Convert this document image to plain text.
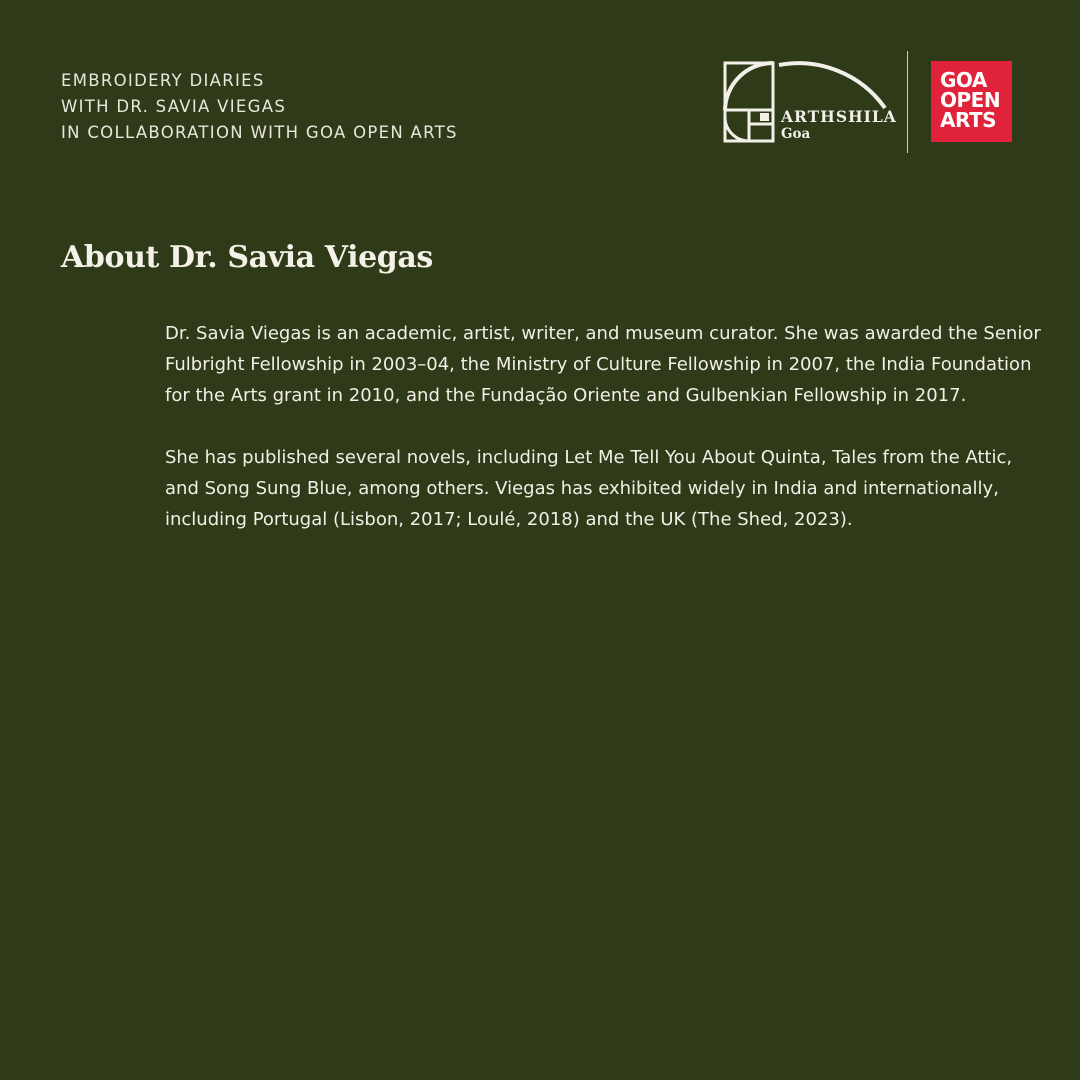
EMBROIDERY DIARIES
WITH DR. SAVIA VIEGAS
IN COLLABORATION WITH GOA OPEN ARTS
ARTHSHILA
Goa
GOA
OPEN
ARTS
About Dr. Savia Viegas

Dr. Savia Viegas is an academic, artist, writer, and museum curator. She was awarded the Senior Fulbright Fellowship in 2003–04, the Ministry of Culture Fellowship in 2007, the India Foundation for the Arts grant in 2010, and the Fundação Oriente and Gulbenkian Fellowship in 2017.

She has published several novels, including Let Me Tell You About Quinta, Tales from the Attic, and Song Sung Blue, among others. Viegas has exhibited widely in India and internationally, including Portugal (Lisbon, 2017; Loulé, 2018) and the UK (The Shed, 2023).
